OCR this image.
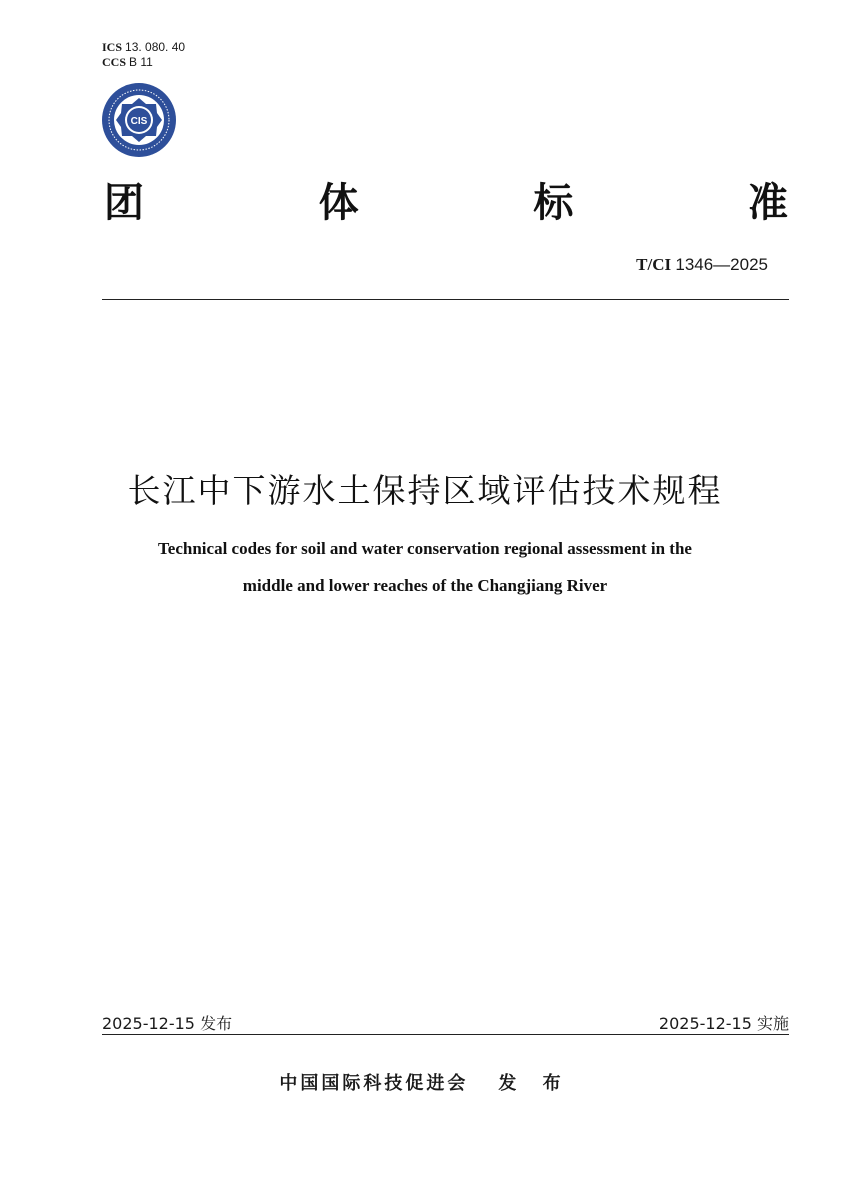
ICS 13. 080. 40
CCS B 11
CIS
团	体	标	准
T/CI 1346—2025
长江中下游水土保持区域评估技术规程
Technical codes for soil and water conservation regional assessment in the
middle and lower reaches of the Changjiang River
2025-12-15 发布	2025-12-15 实施
中国国际科技促进会 发 布
